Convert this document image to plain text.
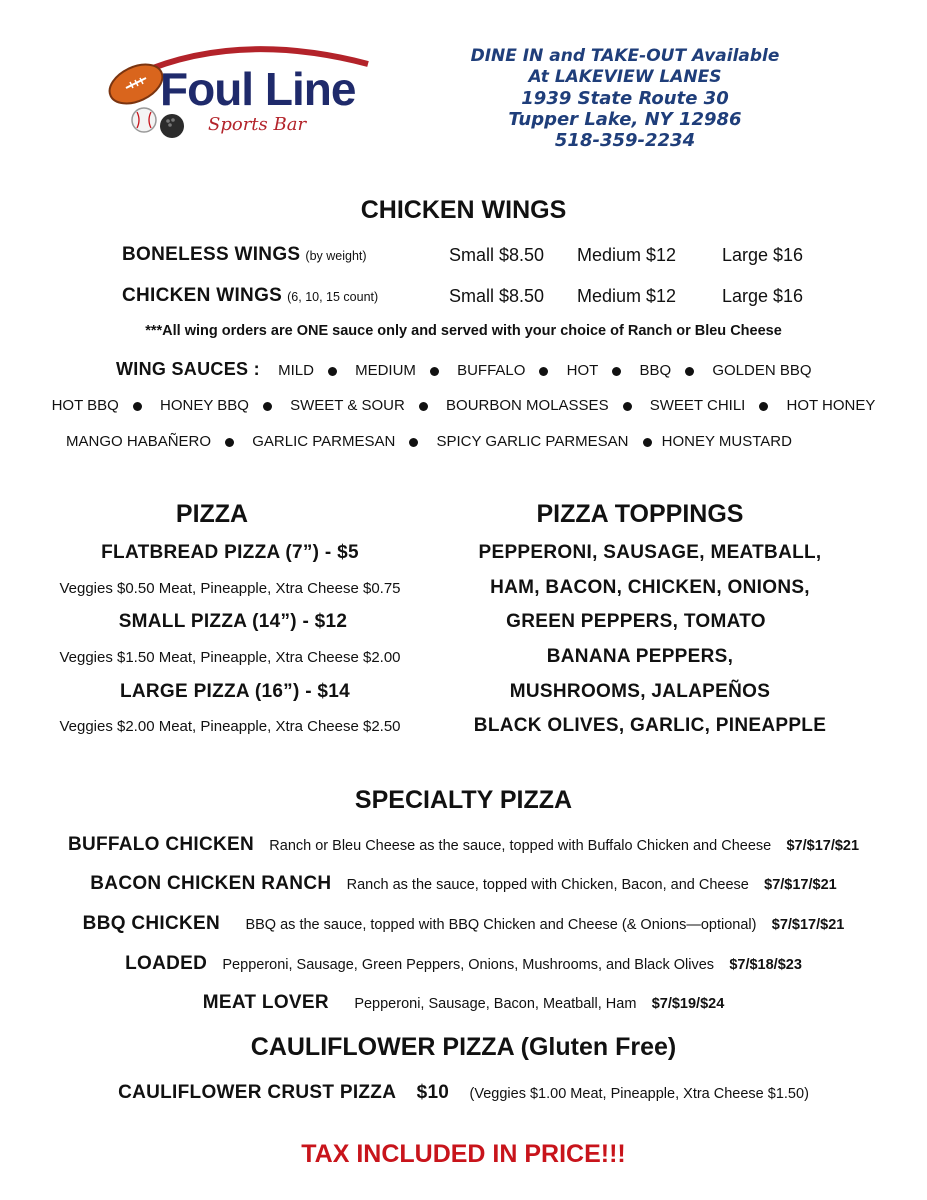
Foul Line
Sports Bar
DINE IN and TAKE-OUT Available
At LAKEVIEW LANES
1939 State Route 30
Tupper Lake, NY 12986
518-359-2234
CHICKEN WINGS
BONELESS WINGS (by weight)	Small $8.50 Medium $12	Large $16
CHICKEN WINGS (6, 10, 15 count)	Small $8.50 Medium $12	Large $16
***All wing orders are ONE sauce only and served with your choice of Ranch or Bleu Cheese
WING SAUCES : MILD	MEDIUM	BUFFALO	HOT	BBQ	GOLDEN BBQ
HOT BBQ	HONEY BBQ	SWEET & SOUR	BOURBON MOLASSES	SWEET CHILI	HOT HONEY
MANGO HABAÑERO	GARLIC PARMESAN	SPICY GARLIC PARMESAN HONEY MUSTARD
PIZZA
FLATBREAD PIZZA (7”) - $5
Veggies $0.50 Meat, Pineapple, Xtra Cheese $0.75
SMALL PIZZA (14”) - $12
Veggies $1.50 Meat, Pineapple, Xtra Cheese $2.00
LARGE PIZZA (16”) - $14
Veggies $2.00 Meat, Pineapple, Xtra Cheese $2.50
PIZZA TOPPINGS
PEPPERONI, SAUSAGE, MEATBALL,
HAM, BACON, CHICKEN, ONIONS,
GREEN PEPPERS, TOMATO
BANANA PEPPERS,
MUSHROOMS, JALAPEÑOS
BLACK OLIVES, GARLIC, PINEAPPLE
SPECIALTY PIZZA
BUFFALO CHICKEN Ranch or Bleu Cheese as the sauce, topped with Buffalo Chicken and Cheese $7/$17/$21
BACON CHICKEN RANCH Ranch as the sauce, topped with Chicken, Bacon, and Cheese $7/$17/$21
BBQ CHICKEN BBQ as the sauce, topped with BBQ Chicken and Cheese (& Onions—optional) $7/$17/$21
LOADED Pepperoni, Sausage, Green Peppers, Onions, Mushrooms, and Black Olives $7/$18/$23
MEAT LOVER Pepperoni, Sausage, Bacon, Meatball, Ham $7/$19/$24
CAULIFLOWER PIZZA (Gluten Free)
CAULIFLOWER CRUST PIZZA $10 (Veggies $1.00 Meat, Pineapple, Xtra Cheese $1.50)
TAX INCLUDED IN PRICE!!!
